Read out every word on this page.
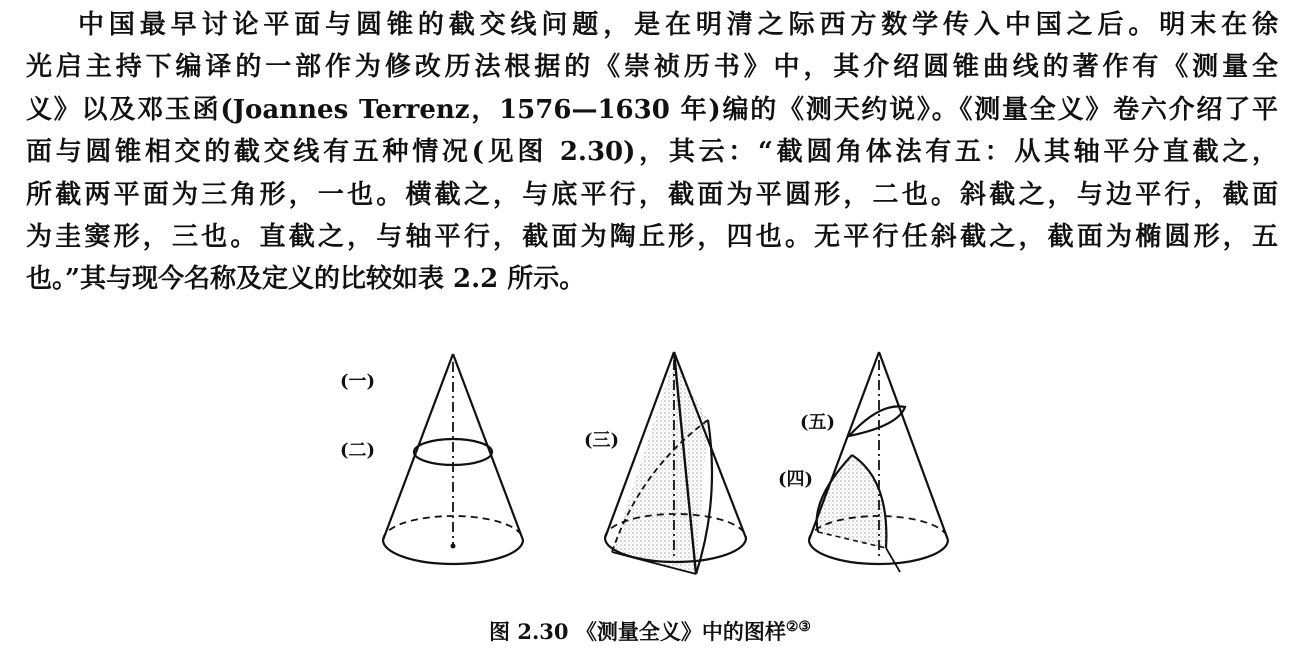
中国最早讨论平面与圆锥的截交线问题，是在明清之际西方数学传入中国之后。明末在徐
光启主持下编译的一部作为修改历法根据的《崇祯历书》中，其介绍圆锥曲线的著作有《测量全
义》以及邓玉函(Joannes Terrenz，1576—1630 年)编的《测天约说》。《测量全义》卷六介绍了平
面与圆锥相交的截交线有五种情况(见图 2.30)，其云：“截圆角体法有五：从其轴平分直截之，
所截两平面为三角形，一也。横截之，与底平行，截面为平圆形，二也。斜截之，与边平行，截面
为圭窦形，三也。直截之，与轴平行，截面为陶丘形，四也。无平行任斜截之，截面为椭圆形，五
也。”其与现今名称及定义的比较如表 2.2 所示。
(一)
(二)	(三)
(四)
(五)
图 2.30 《测量全义》中的图样②③
